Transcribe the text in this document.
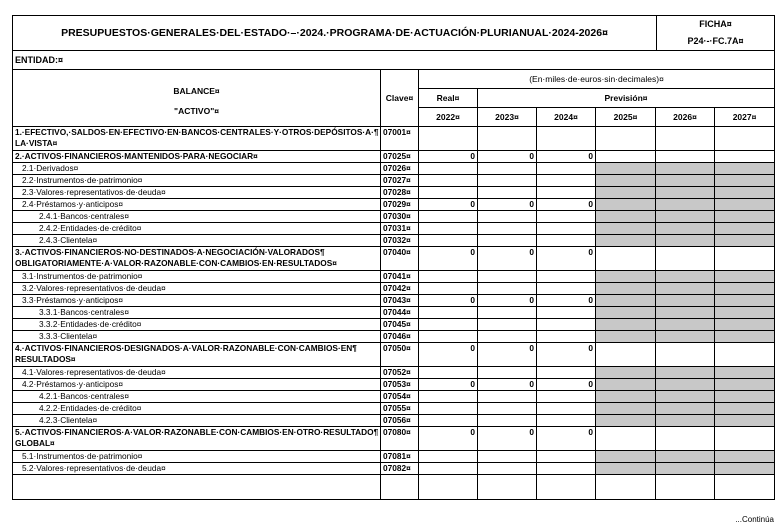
PRESUPUESTOS·GENERALES·DEL·ESTADO·–·2024.·PROGRAMA·DE·ACTUACIÓN·PLURIANUAL·2024-2026¤	FICHA¤
P24·-·FC.7A¤
ENTIDAD:¤
BALANCE¤
"ACTIVO"¤	Clave¤	(En·miles·de·euros·sin·decimales)¤					
		Real¤	Previsión¤				
		2022¤	2023¤	2024¤	2025¤	2026¤	2027¤
1.·EFECTIVO,·SALDOS·EN·EFECTIVO·EN·BANCOS·CENTRALES·Y·OTROS·DEPÓSITOS·A·¶ LA·VISTA¤	07001¤						
2.·ACTIVOS·FINANCIEROS·MANTENIDOS·PARA·NEGOCIAR¤	07025¤	0	0	0			
2.1·Derivados¤	07026¤						
2.2·Instrumentos·de·patrimonio¤	07027¤						
2.3·Valores·representativos·de·deuda¤	07028¤						
2.4·Préstamos·y·anticipos¤	07029¤	0	0	0			
2.4.1·Bancos·centrales¤	07030¤						
2.4.2·Entidades·de·crédito¤	07031¤						
2.4.3·Clientela¤	07032¤						
3.·ACTIVOS·FINANCIEROS·NO·DESTINADOS·A·NEGOCIACIÓN·VALORADOS¶ OBLIGATORIAMENTE·A·VALOR·RAZONABLE·CON·CAMBIOS·EN·RESULTADOS¤	07040¤	0	0	0			
3.1·Instrumentos·de·patrimonio¤	07041¤						
3.2·Valores·representativos·de·deuda¤	07042¤						
3.3·Préstamos·y·anticipos¤	07043¤	0	0	0			
3.3.1·Bancos·centrales¤	07044¤						
3.3.2·Entidades·de·crédito¤	07045¤						
3.3.3·Clientela¤	07046¤						
4.·ACTIVOS·FINANCIEROS·DESIGNADOS·A·VALOR·RAZONABLE·CON·CAMBIOS·EN¶ RESULTADOS¤	07050¤	0	0	0			
4.1·Valores·representativos·de·deuda¤	07052¤						
4.2·Préstamos·y·anticipos¤	07053¤	0	0	0			
4.2.1·Bancos·centrales¤	07054¤						
4.2.2·Entidades·de·crédito¤	07055¤						
4.2.3·Clientela¤	07056¤						
5.·ACTIVOS·FINANCIEROS·A·VALOR·RAZONABLE·CON·CAMBIOS·EN·OTRO·RESULTADO¶ GLOBAL¤	07080¤	0	0	0			
5.1·Instrumentos·de·patrimonio¤	07081¤						
5.2·Valores·representativos·de·deuda¤	07082¤						

...Continúa
